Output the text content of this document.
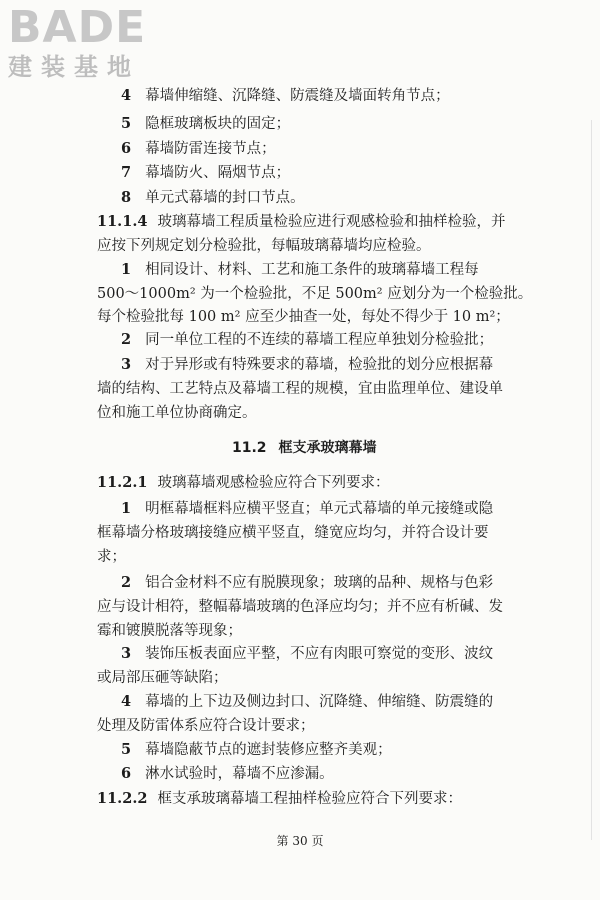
BADE
建装基地
4 幕墙伸缩缝、沉降缝、防震缝及墙面转角节点；
5 隐框玻璃板块的固定；
6 幕墙防雷连接节点；
7 幕墙防火、隔烟节点；
8 单元式幕墙的封口节点。
11.1.4 玻璃幕墙工程质量检验应进行观感检验和抽样检验，并
应按下列规定划分检验批，每幅玻璃幕墙均应检验。
1 相同设计、材料、工艺和施工条件的玻璃幕墙工程每
500～1000m² 为一个检验批，不足 500m² 应划分为一个检验批。
每个检验批每 100 m² 应至少抽查一处，每处不得少于 10 m²；
2 同一单位工程的不连续的幕墙工程应单独划分检验批；
3 对于异形或有特殊要求的幕墙，检验批的划分应根据幕
墙的结构、工艺特点及幕墙工程的规模，宜由监理单位、建设单
位和施工单位协商确定。
11.2 框支承玻璃幕墙
11.2.1 玻璃幕墙观感检验应符合下列要求：
1 明框幕墙框料应横平竖直；单元式幕墙的单元接缝或隐
框幕墙分格玻璃接缝应横平竖直，缝宽应均匀，并符合设计要
求；
2 铝合金材料不应有脱膜现象；玻璃的品种、规格与色彩
应与设计相符，整幅幕墙玻璃的色泽应均匀；并不应有析碱、发
霉和镀膜脱落等现象；
3 装饰压板表面应平整，不应有肉眼可察觉的变形、波纹
或局部压砸等缺陷；
4 幕墙的上下边及侧边封口、沉降缝、伸缩缝、防震缝的
处理及防雷体系应符合设计要求；
5 幕墙隐蔽节点的遮封装修应整齐美观；
6 淋水试验时，幕墙不应渗漏。
11.2.2 框支承玻璃幕墙工程抽样检验应符合下列要求：
第 30 页
